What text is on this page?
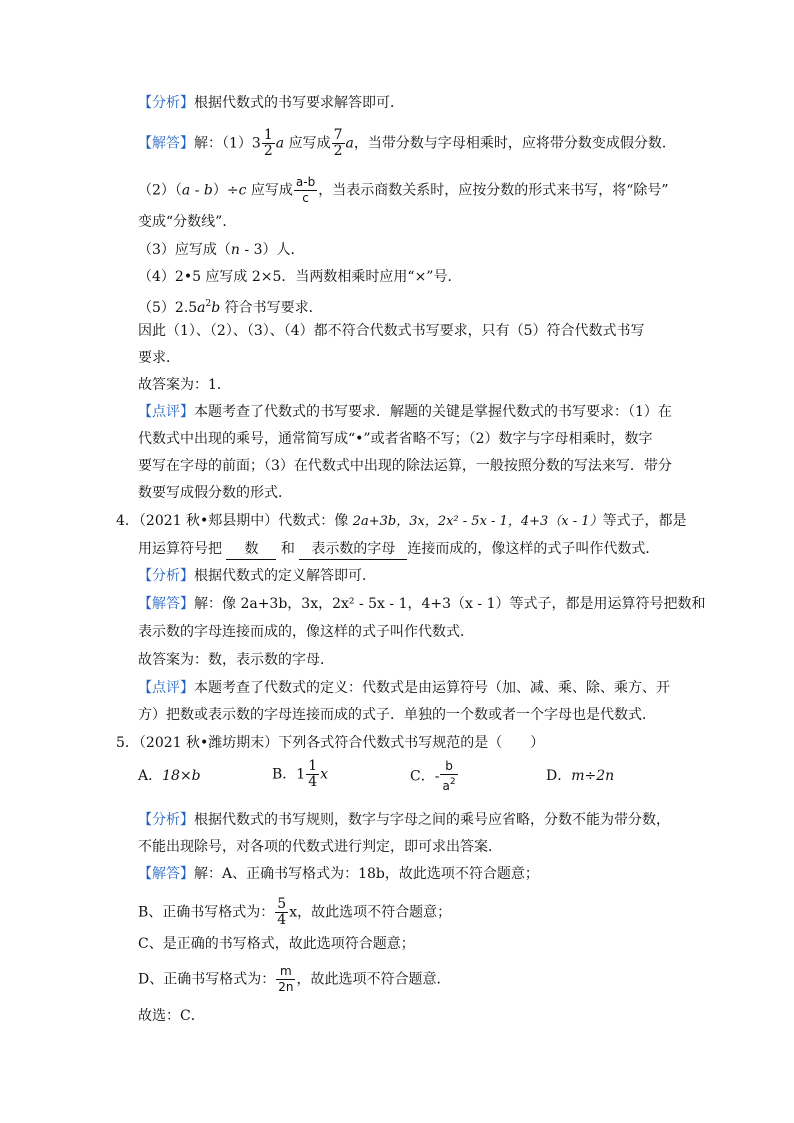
【分析】根据代数式的书写要求解答即可．
【解答】解：$(1)3 \frac{1}{2}$ a 应写成 $\frac{7}{2}$ a，当带分数与字母相乘时，应将带分数变成假分数．
（2）（a - b）÷c 应写成 $\frac{a-b}{c}$ ，当表示商数关系时，应按分数的形式来书写，将“除号”
变成“分数线”．
（3）应写成（n - 3）人．
（4）2•5 应写成 2×5．当两数相乘时应用“×”号．
$(5)2.5a^2b$ 符合书写要求．
因此（1）、（2）、（3）、（4）都不符合代数式书写要求，只有（5）符合代数式书写
要求．
故答案为：1．
【点评】本题考查了代数式的书写要求．解题的关键是掌握代数式的书写要求：（1）在
代数式中出现的乘号，通常简写成“•”或者省略不写；（2）数字与字母相乘时，数字
要写在字母的前面；（3）在代数式中出现的除法运算，一般按照分数的写法来写．带分
数要写成假分数的形式．
4．（2021 秋•郏县期中）代数式：像 2a+3b，3x，2x² - 5x - 1，4+3（x - 1）等式子，都是
用运算符号把 数 和 表示数的字母 连接而成的，像这样的式子叫作代数式．
【分析】根据代数式的定义解答即可．
【解答】解：像 2a+3b，3x，2x² - 5x - 1，4+3（x - 1）等式子，都是用运算符号把数和
表示数的字母连接而成的，像这样的式子叫作代数式．
故答案为：数，表示数的字母．
【点评】本题考查了代数式的定义：代数式是由运算符号（加、减、乘、除、乘方、开
方）把数或表示数的字母连接而成的式子．单独的一个数或者一个字母也是代数式．
5．（2021 秋•潍坊期末）下列各式符合代数式书写规范的是（　　）
A．18×b	B．$1 \frac{1}{4}$ x	C．- $\frac{b}{a^2}$	D．m÷2n
【分析】根据代数式的书写规则，数字与字母之间的乘号应省略，分数不能为带分数，
不能出现除号，对各项的代数式进行判定，即可求出答案．
【解答】解：A、正确书写格式为：18b，故此选项不符合题意；
B、正确书写格式为： $\frac{5}{4}$ x，故此选项不符合题意；
C、是正确的书写格式，故此选项符合题意；
D、正确书写格式为： $\frac{m}{2n}$ ，故此选项不符合题意．
故选：C．
